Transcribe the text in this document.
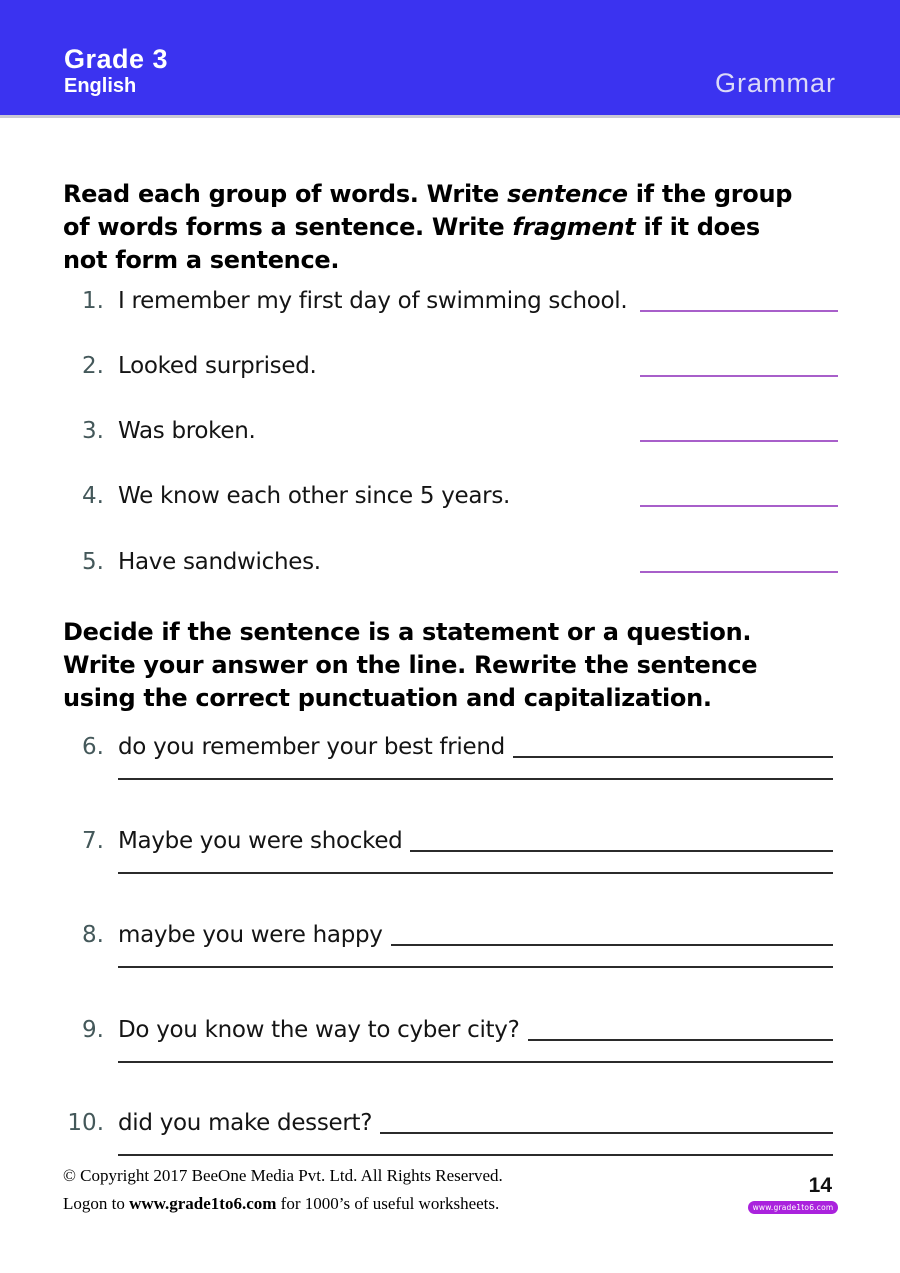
Grade 3
English	Grammar
Read each group of words. Write sentence if the group
of words forms a sentence. Write fragment if it does
not form a sentence.
1. I remember my first day of swimming school.
2. Looked surprised.
3. Was broken.
4. We know each other since 5 years.
5. Have sandwiches.
Decide if the sentence is a statement or a question.
Write your answer on the line. Rewrite the sentence
using the correct punctuation and capitalization.
6. do you remember your best friend
7. Maybe you were shocked
8. maybe you were happy
9. Do you know the way to cyber city?
10. did you make dessert?
© Copyright 2017 BeeOne Media Pvt. Ltd. All Rights Reserved.
Logon to www.grade1to6.com for 1000’s of useful worksheets.
14
www.grade1to6.com
